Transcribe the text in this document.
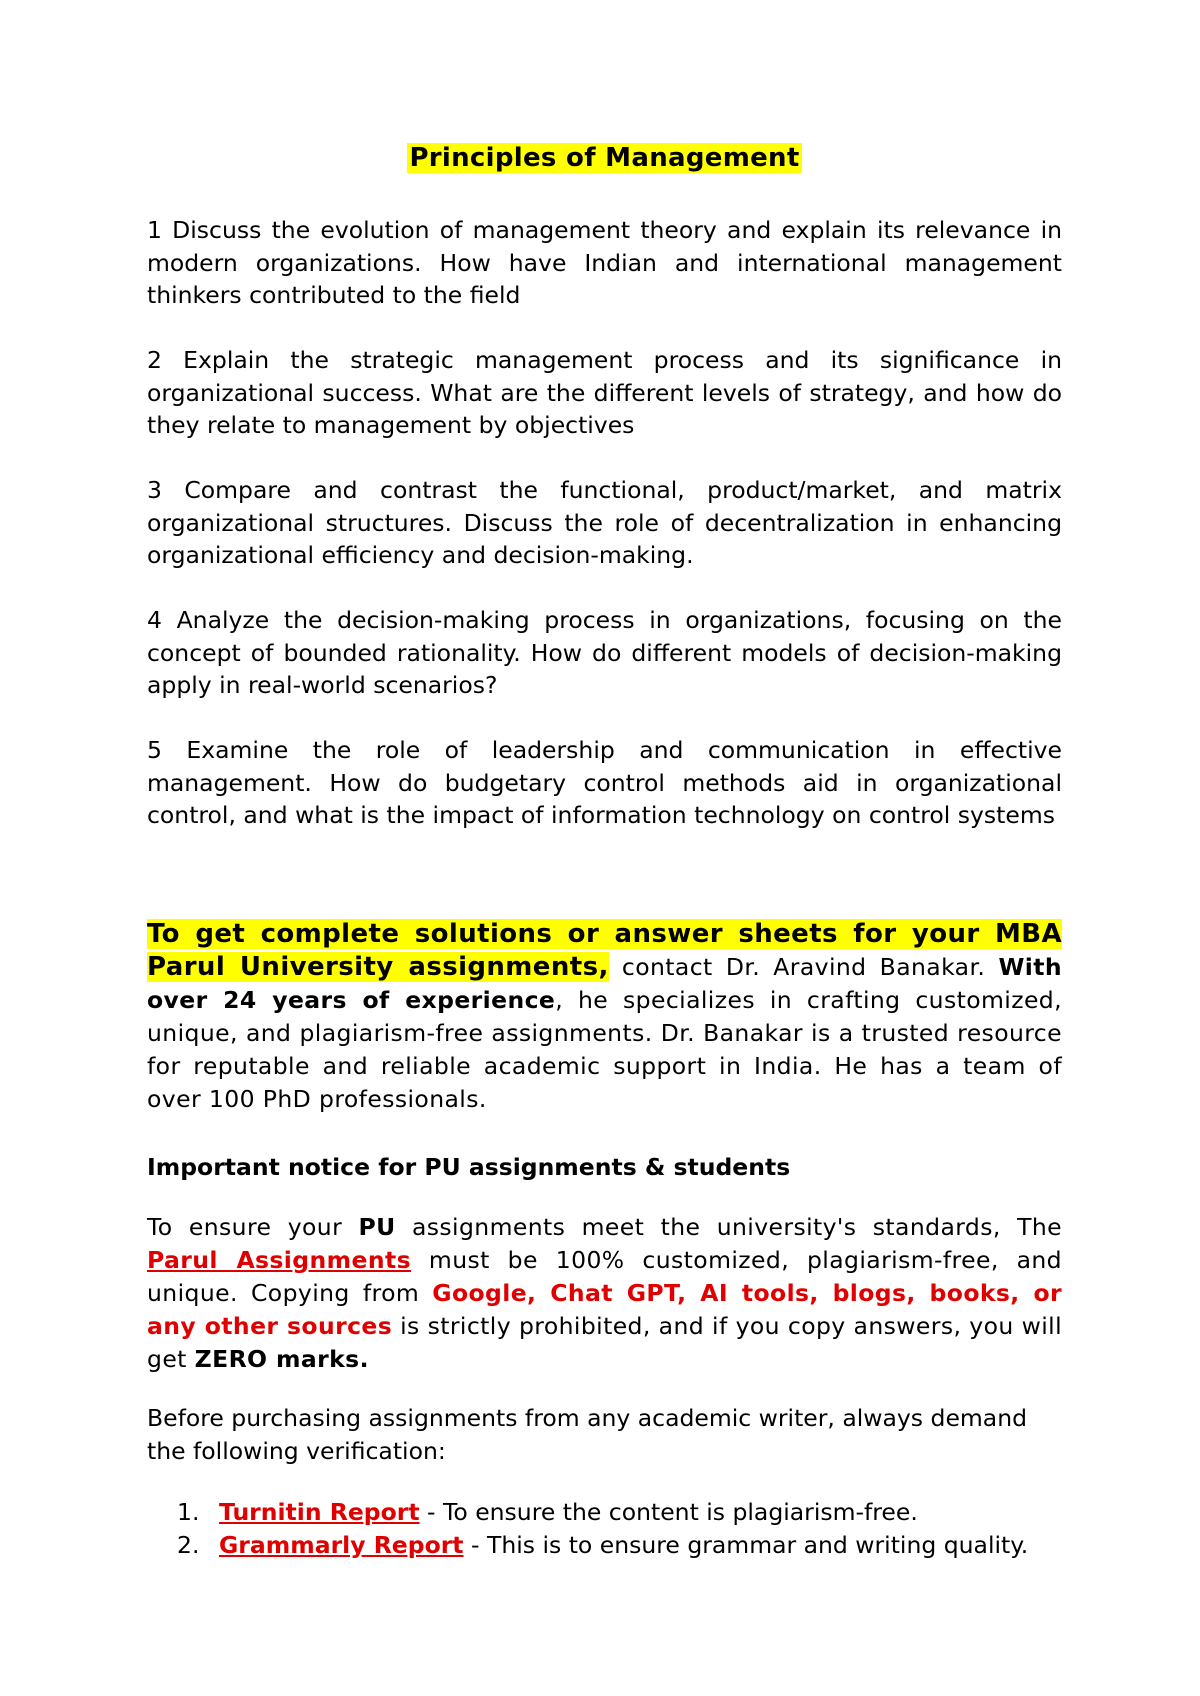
Principles of Management
1 Discuss the evolution of management theory and explain its relevance in modern organizations. How have Indian and international management thinkers contributed to the field
2 Explain the strategic management process and its significance in organizational success. What are the different levels of strategy, and how do they relate to management by objectives
3 Compare and contrast the functional, product/market, and matrix organizational structures. Discuss the role of decentralization in enhancing organizational efficiency and decision-making.
4 Analyze the decision-making process in organizations, focusing on the concept of bounded rationality. How do different models of decision-making apply in real-world scenarios?
5 Examine the role of leadership and communication in effective management. How do budgetary control methods aid in organizational control, and what is the impact of information technology on control systems
To get complete solutions or answer sheets for your MBA Parul University assignments, contact Dr. Aravind Banakar. With over 24 years of experience, he specializes in crafting customized, unique, and plagiarism-free assignments. Dr. Banakar is a trusted resource for reputable and reliable academic support in India. He has a team of over 100 PhD professionals.
Important notice for PU assignments & students
To ensure your PU assignments meet the university's standards, The Parul Assignments must be 100% customized, plagiarism-free, and unique. Copying from Google, Chat GPT, AI tools, blogs, books, or any other sources is strictly prohibited, and if you copy answers, you will get ZERO marks.
Before purchasing assignments from any academic writer, always demand the following verification:
1. Turnitin Report - To ensure the content is plagiarism-free.
2. Grammarly Report - This is to ensure grammar and writing quality.
